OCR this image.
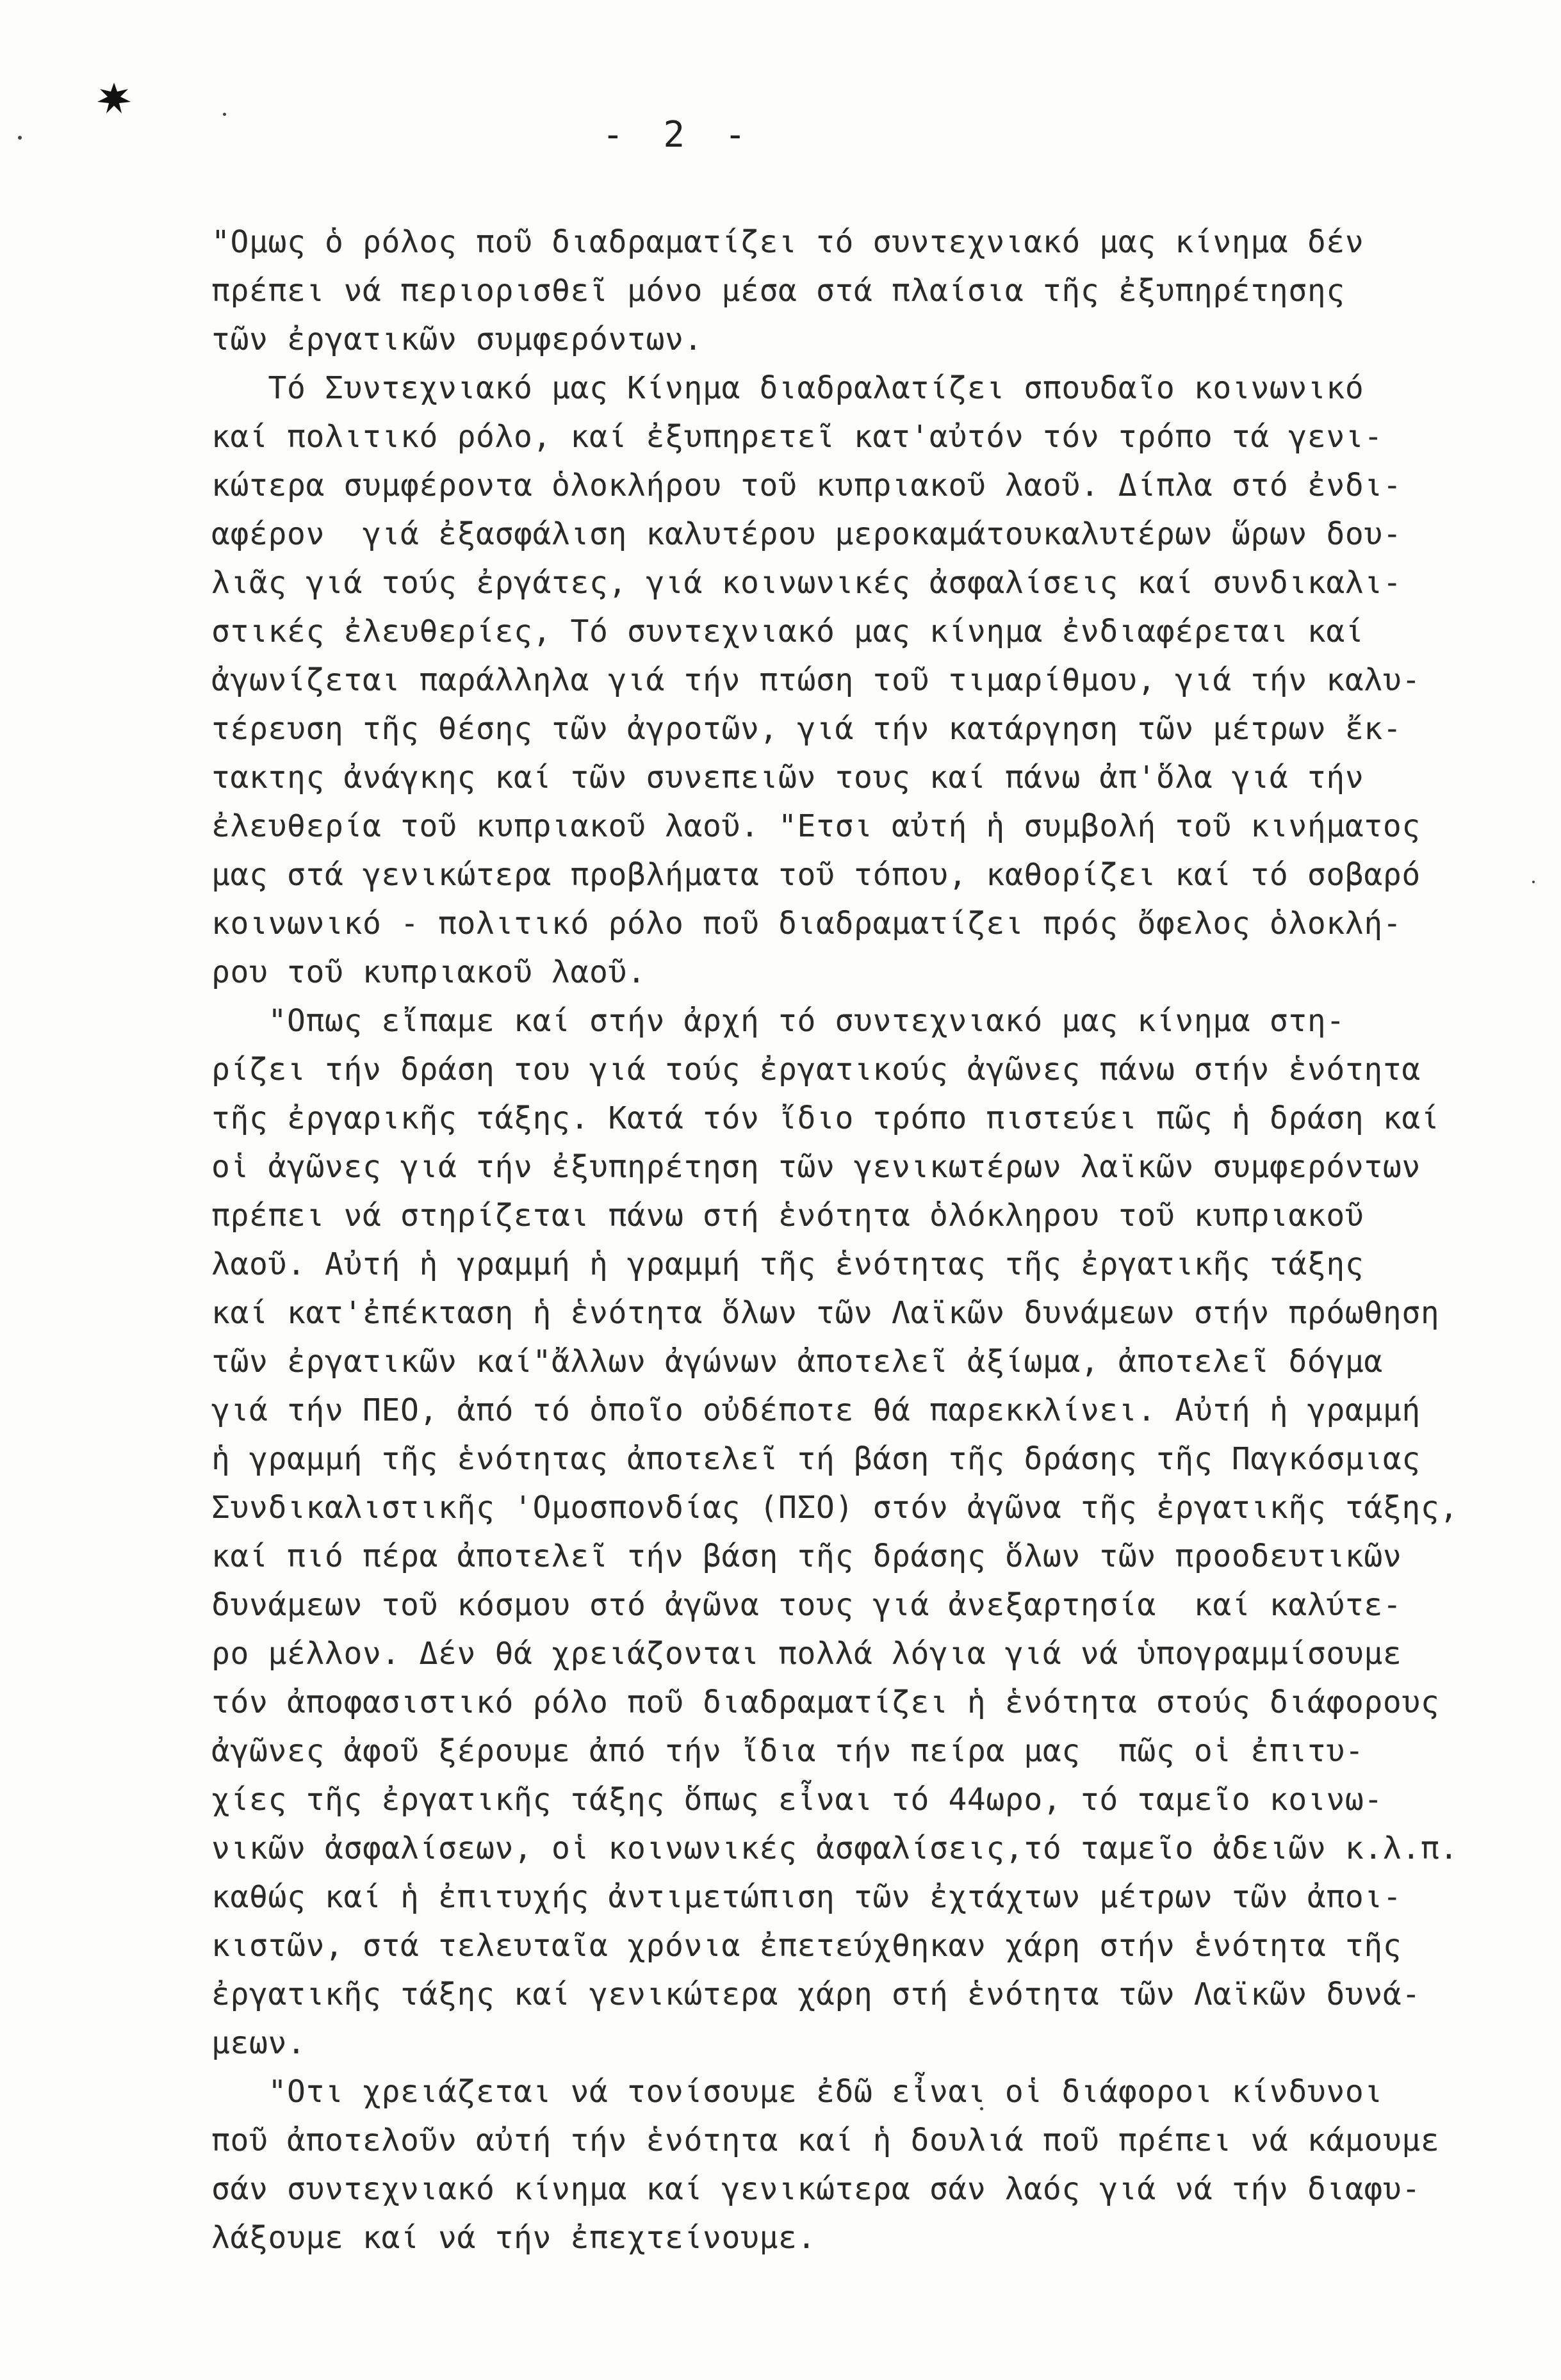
- 2 -
"Ομως ὁ ρόλος ποῦ διαδραματίζει τό συντεχνιακό μας κίνημα δέν
πρέπει νά περιορισθεῖ μόνο μέσα στά πλαίσια τῆς ἐξυπηρέτησης
τῶν ἐργατικῶν συμφερόντων.
Τό Συντεχνιακό μας Κίνημα διαδραλατίζει σπουδαῖο κοινωνικό
καί πολιτικό ρόλο, καί ἐξυπηρετεῖ κατ'αὐτόν τόν τρόπο τά γενι-
κώτερα συμφέροντα ὁλοκλήρου τοῦ κυπριακοῦ λαοῦ. Δίπλα στό ἐνδι-
αφέρον  γιά ἐξασφάλιση καλυτέρου μεροκαμάτουκαλυτέρων ὥρων δου-
λιᾶς γιά τούς ἐργάτες, γιά κοινωνικές ἀσφαλίσεις καί συνδικαλι-
στικές ἐλευθερίες, Τό συντεχνιακό μας κίνημα ἐνδιαφέρεται καί
ἀγωνίζεται παράλληλα γιά τήν πτώση τοῦ τιμαρίθμου, γιά τήν καλυ-
τέρευση τῆς θέσης τῶν ἀγροτῶν, γιά τήν κατάργηση τῶν μέτρων ἔκ-
τακτης ἀνάγκης καί τῶν συνεπειῶν τους καί πάνω ἀπ'ὅλα γιά τήν
ἐλευθερία τοῦ κυπριακοῦ λαοῦ. "Ετσι αὐτή ἡ συμβολή τοῦ κινήματος
μας στά γενικώτερα προβλήματα τοῦ τόπου, καθορίζει καί τό σοβαρό
κοινωνικό - πολιτικό ρόλο ποῦ διαδραματίζει πρός ὄφελος ὁλοκλή-
ρου τοῦ κυπριακοῦ λαοῦ.
"Οπως εἴπαμε καί στήν ἀρχή τό συντεχνιακό μας κίνημα στη-
ρίζει τήν δράση του γιά τούς ἐργατικούς ἀγῶνες πάνω στήν ἑνότητα
τῆς ἐργαρικῆς τάξης. Κατά τόν ἴδιο τρόπο πιστεύει πῶς ἡ δράση καί
οἱ ἀγῶνες γιά τήν ἐξυπηρέτηση τῶν γενικωτέρων λαϊκῶν συμφερόντων
πρέπει νά στηρίζεται πάνω στή ἑνότητα ὁλόκληρου τοῦ κυπριακοῦ
λαοῦ. Αὐτή ἡ γραμμή ἡ γραμμή τῆς ἑνότητας τῆς ἐργατικῆς τάξης
καί κατ'ἐπέκταση ἡ ἑνότητα ὅλων τῶν Λαϊκῶν δυνάμεων στήν πρόωθηση
τῶν ἐργατικῶν καί"ἄλλων ἀγώνων ἀποτελεῖ ἀξίωμα, ἀποτελεῖ δόγμα
γιά τήν ΠΕΟ, ἀπό τό ὁποῖο οὐδέποτε θά παρεκκλίνει. Αὐτή ἡ γραμμή
ἡ γραμμή τῆς ἑνότητας ἀποτελεῖ τή βάση τῆς δράσης τῆς Παγκόσμιας
Συνδικαλιστικῆς 'Ομοσπονδίας (ΠΣΟ) στόν ἀγῶνα τῆς ἐργατικῆς τάξης,
καί πιό πέρα ἀποτελεῖ τήν βάση τῆς δράσης ὅλων τῶν προοδευτικῶν
δυνάμεων τοῦ κόσμου στό ἀγῶνα τους γιά ἀνεξαρτησία  καί καλύτε-
ρο μέλλον. Δέν θά χρειάζονται πολλά λόγια γιά νά ὑπογραμμίσουμε
τόν ἀποφασιστικό ρόλο ποῦ διαδραματίζει ἡ ἑνότητα στούς διάφορους
ἀγῶνες ἀφοῦ ξέρουμε ἀπό τήν ἴδια τήν πείρα μας  πῶς οἱ ἐπιτυ-
χίες τῆς ἐργατικῆς τάξης ὅπως εἶναι τό 44ωρο, τό ταμεῖο κοινω-
νικῶν ἀσφαλίσεων, οἱ κοινωνικές ἀσφαλίσεις,τό ταμεῖο ἀδειῶν κ.λ.π.
καθώς καί ἡ ἐπιτυχής ἀντιμετώπιση τῶν ἐχτάχτων μέτρων τῶν ἀποι-
κιστῶν, στά τελευταῖα χρόνια ἐπετεύχθηκαν χάρη στήν ἑνότητα τῆς
ἐργατικῆς τάξης καί γενικώτερα χάρη στή ἑνότητα τῶν Λαϊκῶν δυνά-
μεων.
"Οτι χρειάζεται νά τονίσουμε ἐδῶ εἶναι οἱ διάφοροι κίνδυνοι
ποῦ ἀποτελοῦν αὐτή τήν ἑνότητα καί ἡ δουλιά ποῦ πρέπει νά κάμουμε
σάν συντεχνιακό κίνημα καί γενικώτερα σάν λαός γιά νά τήν διαφυ-
λάξουμε καί νά τήν ἐπεχτείνουμε.
